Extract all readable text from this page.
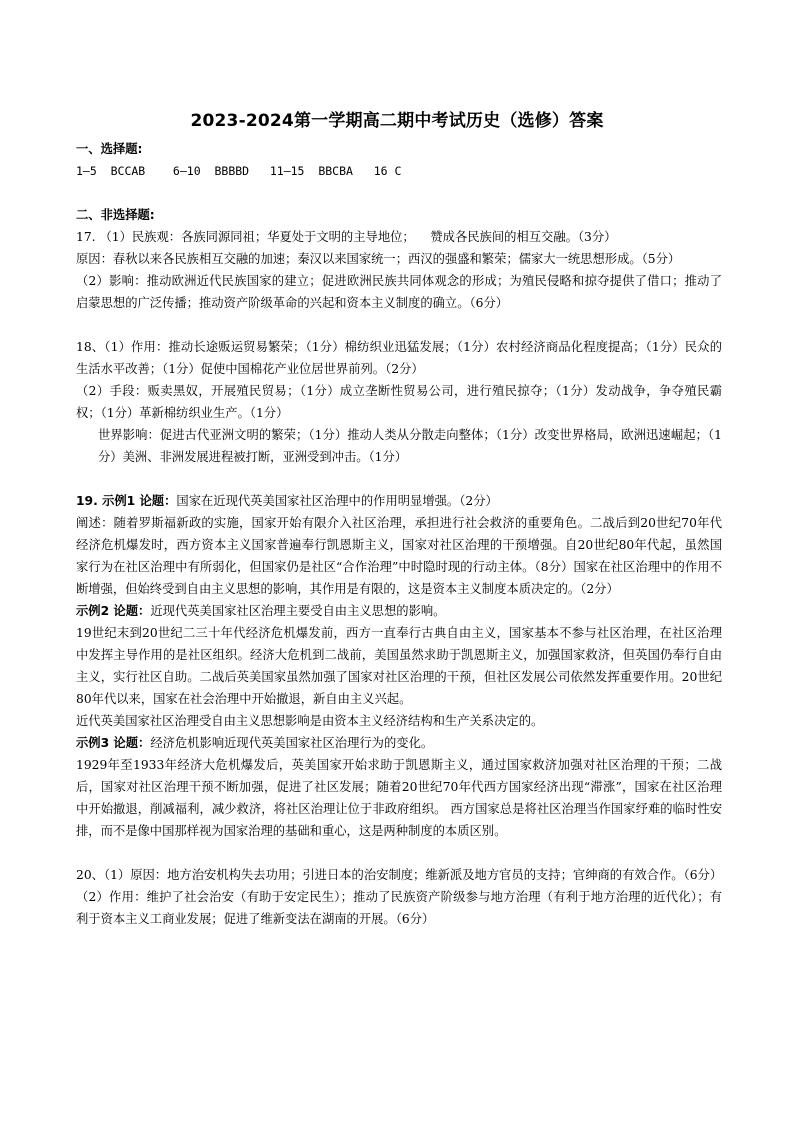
2023-2024第一学期高二期中考试历史（选修）答案
一、选择题:
1—5  BCCAB    6—10  BBBBD   11—15  BBCBA   16 C
二、非选择题:

17. （1）民族观：各族同源同祖；华夏处于文明的主导地位；    赞成各民族间的相互交融。（3分）

原因：春秋以来各民族相互交融的加速；秦汉以来国家统一；西汉的强盛和繁荣；儒家大一统思想形成。（5分）

（2）影响：推动欧洲近代民族国家的建立；促进欧洲民族共同体观念的形成；为殖民侵略和掠夺提供了借口；推动了启蒙思想的广泛传播；推动资产阶级革命的兴起和资本主义制度的确立。（6分）

18、（1）作用：推动长途贩运贸易繁荣；（1分）棉纺织业迅猛发展；（1分）农村经济商品化程度提高；（1分）民众的生活水平改善；（1分）促使中国棉花产业位居世界前列。（2分）

（2）手段：贩卖黑奴，开展殖民贸易；（1分）成立垄断性贸易公司，进行殖民掠夺；（1分）发动战争，争夺殖民霸权；（1分）革新棉纺织业生产。（1分）

世界影响：促进古代亚洲文明的繁荣；（1分）推动人类从分散走向整体；（1分）改变世界格局，欧洲迅速崛起；（1分）美洲、非洲发展进程被打断，亚洲受到冲击。（1分）

19. 示例1 论题：国家在近现代英美国家社区治理中的作用明显增强。（2分）

阐述：随着罗斯福新政的实施，国家开始有限介入社区治理，承担进行社会救济的重要角色。二战后到20世纪70年代经济危机爆发时，西方资本主义国家普遍奉行凯恩斯主义，国家对社区治理的干预增强。自20世纪80年代起，虽然国家行为在社区治理中有所弱化，但国家仍是社区“合作治理”中时隐时现的行动主体。（8分）国家在社区治理中的作用不断增强，但始终受到自由主义思想的影响，其作用是有限的，这是资本主义制度本质决定的。（2分）

示例2 论题：近现代英美国家社区治理主要受自由主义思想的影响。

19世纪末到20世纪二三十年代经济危机爆发前，西方一直奉行古典自由主义，国家基本不参与社区治理，在社区治理中发挥主导作用的是社区组织。经济大危机到二战前，美国虽然求助于凯恩斯主义，加强国家救济，但英国仍奉行自由主义，实行社区自助。二战后英美国家虽然加强了国家对社区治理的干预，但社区发展公司依然发挥重要作用。20世纪80年代以来，国家在社会治理中开始撤退，新自由主义兴起。

近代英美国家社区治理受自由主义思想影响是由资本主义经济结构和生产关系决定的。

示例3 论题：经济危机影响近现代英美国家社区治理行为的变化。

1929年至1933年经济大危机爆发后，英美国家开始求助于凯恩斯主义，通过国家救济加强对社区治理的干预；二战后，国家对社区治理干预不断加强，促进了社区发展；随着20世纪70年代西方国家经济出现“滞涨”，国家在社区治理中开始撤退，削减福利，减少救济，将社区治理让位于非政府组织。 西方国家总是将社区治理当作国家纾难的临时性安排，而不是像中国那样视为国家治理的基础和重心，这是两种制度的本质区别。

20、（1）原因：地方治安机构失去功用；引进日本的治安制度；维新派及地方官员的支持；官绅商的有效合作。（6分）

（2）作用：维护了社会治安（有助于安定民生）；推动了民族资产阶级参与地方治理（有利于地方治理的近代化）；有利于资本主义工商业发展；促进了维新变法在湖南的开展。（6分）
